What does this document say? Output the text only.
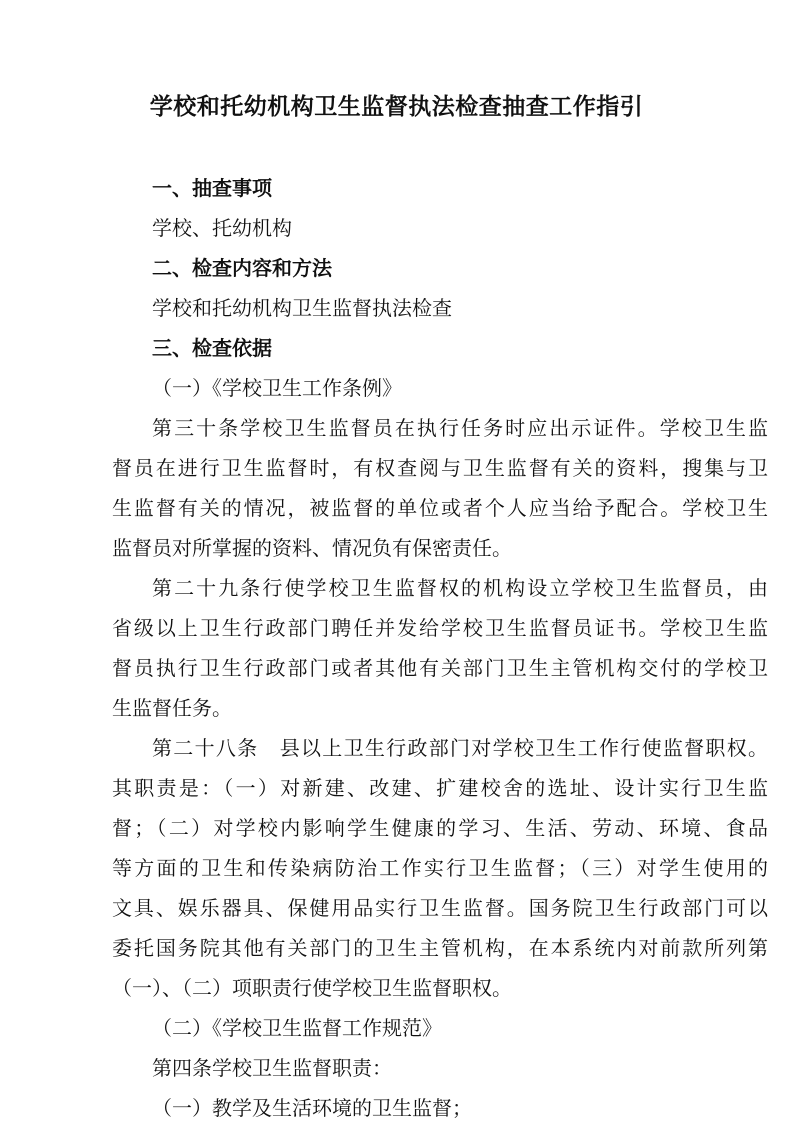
学校和托幼机构卫生监督执法检查抽查工作指引

一、抽查事项

学校、托幼机构

二、检查内容和方法

学校和托幼机构卫生监督执法检查

三、检查依据

（一）《学校卫生工作条例》

第三十条学校卫生监督员在执行任务时应出示证件。学校卫生监

督员在进行卫生监督时，有权查阅与卫生监督有关的资料，搜集与卫

生监督有关的情况，被监督的单位或者个人应当给予配合。学校卫生

监督员对所掌握的资料、情况负有保密责任。

第二十九条行使学校卫生监督权的机构设立学校卫生监督员，由

省级以上卫生行政部门聘任并发给学校卫生监督员证书。学校卫生监

督员执行卫生行政部门或者其他有关部门卫生主管机构交付的学校卫

生监督任务。

第二十八条　县以上卫生行政部门对学校卫生工作行使监督职权。

其职责是：（一）对新建、改建、扩建校舍的选址、设计实行卫生监

督；（二）对学校内影响学生健康的学习、生活、劳动、环境、食品

等方面的卫生和传染病防治工作实行卫生监督；（三）对学生使用的

文具、娱乐器具、保健用品实行卫生监督。国务院卫生行政部门可以

委托国务院其他有关部门的卫生主管机构，在本系统内对前款所列第

（一）、（二）项职责行使学校卫生监督职权。

（二）《学校卫生监督工作规范》

第四条学校卫生监督职责：

（一）教学及生活环境的卫生监督；
